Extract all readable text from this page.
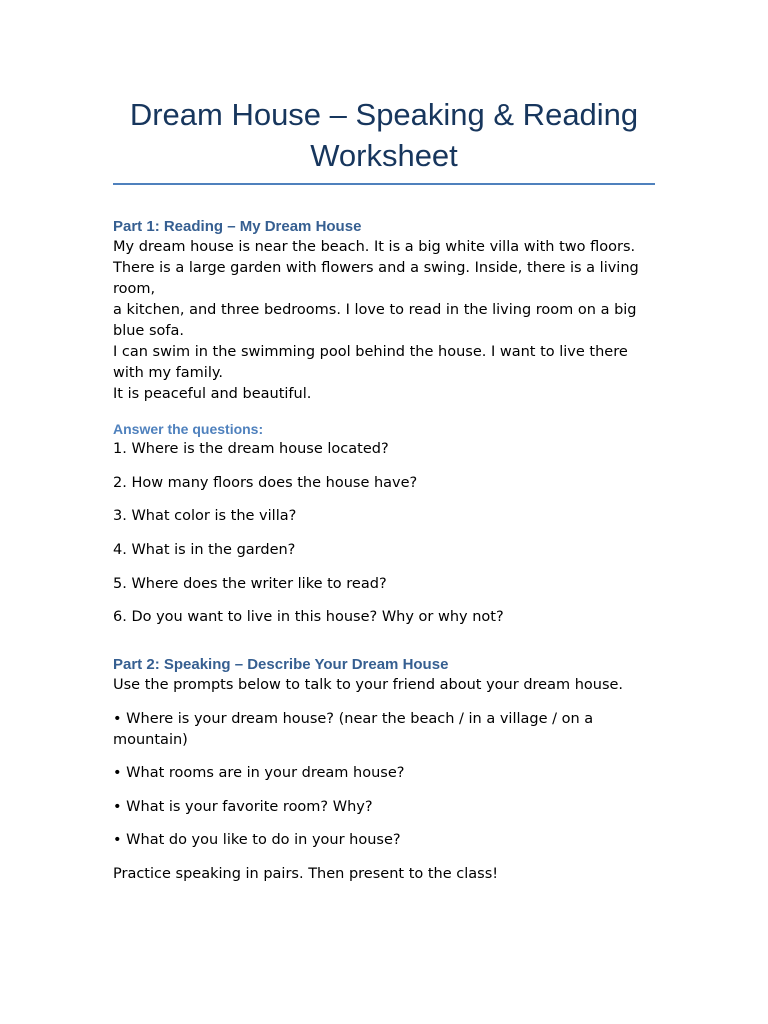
Dream House – Speaking & Reading Worksheet
Part 1: Reading – My Dream House

My dream house is near the beach. It is a big white villa with two floors.

There is a large garden with flowers and a swing. Inside, there is a living room,

a kitchen, and three bedrooms. I love to read in the living room on a big blue sofa.

I can swim in the swimming pool behind the house. I want to live there with my family.

It is peaceful and beautiful.

Answer the questions:

1. Where is the dream house located?

2. How many floors does the house have?

3. What color is the villa?

4. What is in the garden?

5. Where does the writer like to read?

6. Do you want to live in this house? Why or why not?

Part 2: Speaking – Describe Your Dream House

Use the prompts below to talk to your friend about your dream house.

• Where is your dream house? (near the beach / in a village / on a mountain)

• What rooms are in your dream house?

• What is your favorite room? Why?

• What do you like to do in your house?

Practice speaking in pairs. Then present to the class!
